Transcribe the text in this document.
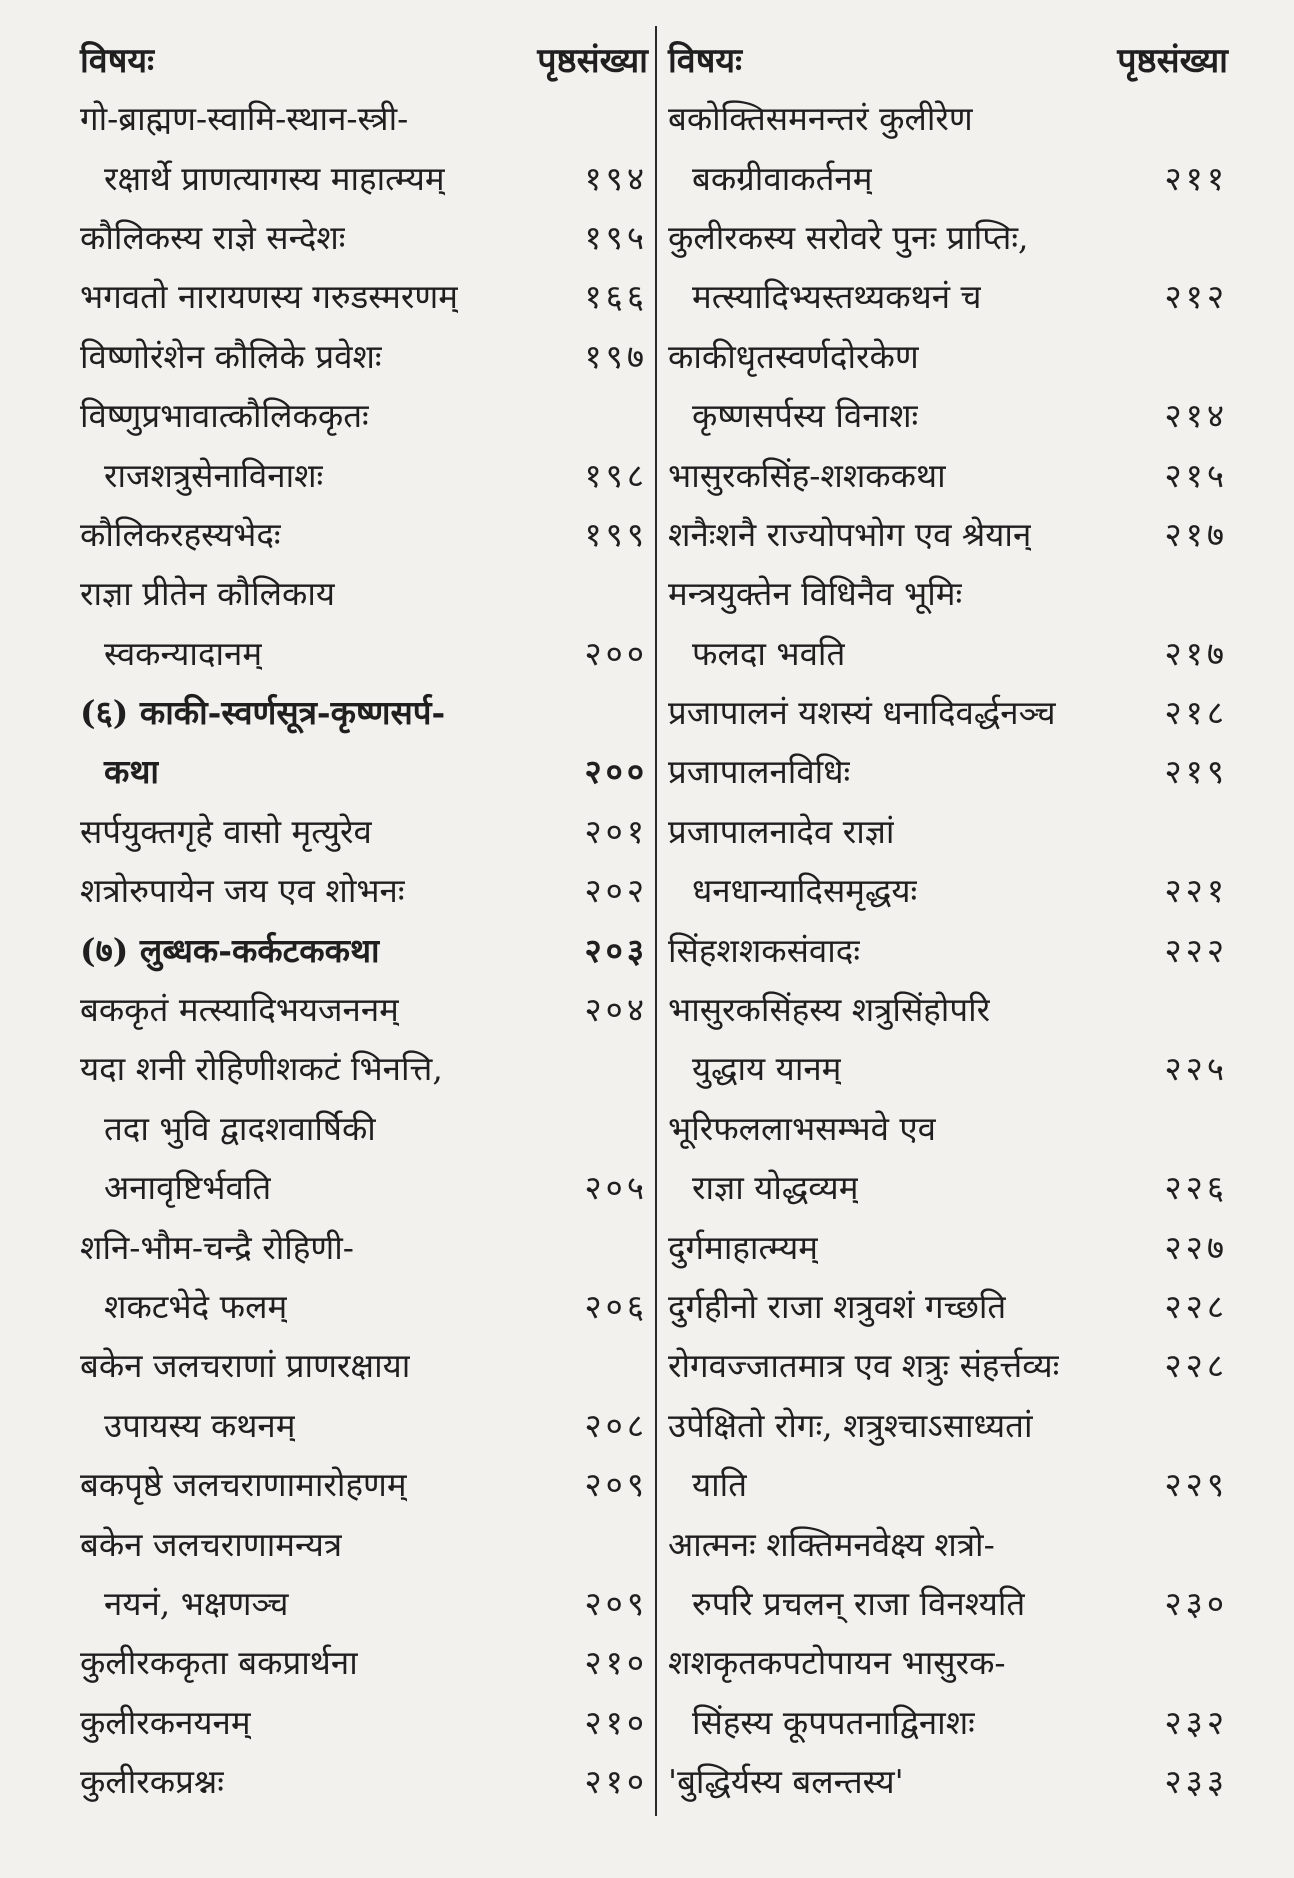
विषयः	पृष्ठसंख्या
गो-ब्राह्मण-स्वामि-स्थान-स्त्री-
रक्षार्थे प्राणत्यागस्य माहात्म्यम्	१९४
कौलिकस्य राज्ञे सन्देशः	१९५
भगवतो नारायणस्य गरुडस्मरणम्	१६६
विष्णोरंशेन कौलिके प्रवेशः	१९७
विष्णुप्रभावात्कौलिककृतः
राजशत्रुसेनाविनाशः	१९८
कौलिकरहस्यभेदः	१९९
राज्ञा प्रीतेन कौलिकाय
स्वकन्यादानम्	२००
(६) काकी-स्वर्णसूत्र-कृष्णसर्प-
कथा	२००
सर्पयुक्तगृहे वासो मृत्युरेव	२०१
शत्रोरुपायेन जय एव शोभनः	२०२
(७) लुब्धक-कर्कटककथा	२०३
बककृतं मत्स्यादिभयजननम्	२०४
यदा शनी रोहिणीशकटं भिनत्ति,
तदा भुवि द्वादशवार्षिकी
अनावृष्टिर्भवति	२०५
शनि-भौम-चन्द्रै रोहिणी-
शकटभेदे फलम्	२०६
बकेन जलचराणां प्राणरक्षाया
उपायस्य कथनम्	२०८
बकपृष्ठे जलचराणामारोहणम्	२०९
बकेन जलचराणामन्यत्र
नयनं, भक्षणञ्च	२०९
कुलीरककृता बकप्रार्थना	२१०
कुलीरकनयनम्	२१०
कुलीरकप्रश्नः	२१०
विषयः	पृष्ठसंख्या
बकोक्तिसमनन्तरं कुलीरेण
बकग्रीवाकर्तनम्	२११
कुलीरकस्य सरोवरे पुनः प्राप्तिः,
मत्स्यादिभ्यस्तथ्यकथनं च	२१२
काकीधृतस्वर्णदोरकेण
कृष्णसर्पस्य विनाशः	२१४
भासुरकसिंह-शशककथा	२१५
शनैःशनै राज्योपभोग एव श्रेयान्	२१७
मन्त्रयुक्तेन विधिनैव भूमिः
फलदा भवति	२१७
प्रजापालनं यशस्यं धनादिवर्द्धनञ्च	२१८
प्रजापालनविधिः	२१९
प्रजापालनादेव राज्ञां
धनधान्यादिसमृद्धयः	२२१
सिंहशशकसंवादः	२२२
भासुरकसिंहस्य शत्रुसिंहोपरि
युद्धाय यानम्	२२५
भूरिफललाभसम्भवे एव
राज्ञा योद्धव्यम्	२२६
दुर्गमाहात्म्यम्	२२७
दुर्गहीनो राजा शत्रुवशं गच्छति	२२८
रोगवज्जातमात्र एव शत्रुः संहर्त्तव्यः	२२८
उपेक्षितो रोगः, शत्रुश्चाऽसाध्यतां
याति	२२९
आत्मनः शक्तिमनवेक्ष्य शत्रो-
रुपरि प्रचलन् राजा विनश्यति	२३०
शशकृतकपटोपायन भासुरक-
सिंहस्य कूपपतनाद्विनाशः	२३२
'बुद्धिर्यस्य बलन्तस्य'	२३३
